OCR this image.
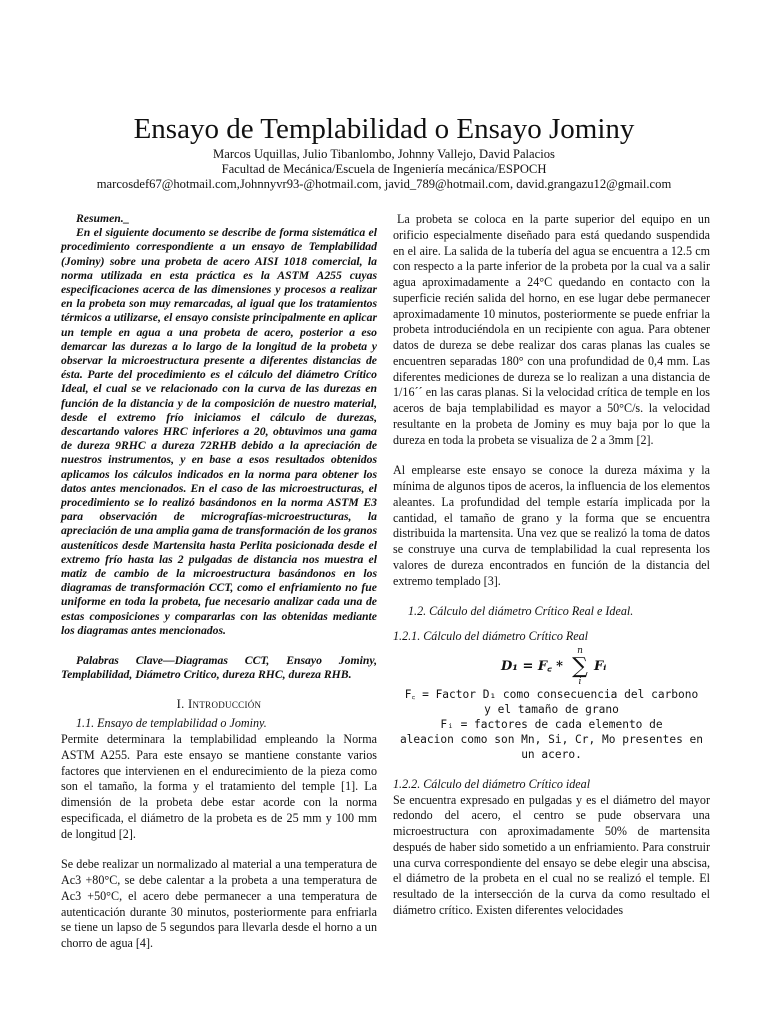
Ensayo de Templabilidad o Ensayo Jominy

Marcos Uquillas, Julio Tibanlombo, Johnny Vallejo, David Palacios

Facultad de Mecánica/Escuela de Ingeniería mecánica/ESPOCH

marcosdef67@hotmail.com,Johnnyvr93-@hotmail.com, javid_789@hotmail.com, david.grangazu12@gmail.com

Resumen._
En el siguiente documento se describe de forma sistemática el procedimiento correspondiente a un ensayo de Templabilidad (Jominy) sobre una probeta de acero AISI 1018 comercial, la norma utilizada en esta práctica es la ASTM A255 cuyas especificaciones acerca de las dimensiones y procesos a realizar en la probeta son muy remarcadas, al igual que los tratamientos térmicos a utilizarse, el ensayo consiste principalmente en aplicar un temple en agua a una probeta de acero, posterior a eso demarcar las durezas a lo largo de la longitud de la probeta y observar la microestructura presente a diferentes distancias de ésta. Parte del procedimiento es el cálculo del diámetro Crítico Ideal, el cual se ve relacionado con la curva de las durezas en función de la distancia y de la composición de nuestro material, desde el extremo frío iniciamos el cálculo de durezas, descartando valores HRC inferiores a 20, obtuvimos una gama de dureza 9RHC a dureza 72RHB debido a la apreciación de nuestros instrumentos, y en base a esos resultados obtenidos aplicamos los cálculos indicados en la norma para obtener los datos antes mencionados. En el caso de las microestructuras, el procedimiento se lo realizó basándonos en la norma ASTM E3 para observación de micrografías-microestructuras, la apreciación de una amplia gama de transformación de los granos austeníticos desde Martensita hasta Perlita posicionada desde el extremo frío hasta las 2 pulgadas de distancia nos muestra el matiz de cambio de la microestructura basándonos en los diagramas de transformación CCT, como el enfriamiento no fue uniforme en toda la probeta, fue necesario analizar cada una de estas composiciones y compararlas con las obtenidas mediante los diagramas antes mencionados.

Palabras Clave—Diagramas CCT, Ensayo Jominy, Templabilidad, Diámetro Critico, dureza RHC, dureza RHB.

I. Introducción

1.1. Ensayo de templabilidad o Jominy.

Permite determinara la templabilidad empleando la Norma ASTM A255. Para este ensayo se mantiene constante varios factores que intervienen en el endurecimiento de la pieza como son el tamaño, la forma y el tratamiento del temple [1]. La dimensión de la probeta debe estar acorde con la norma especificada, el diámetro de la probeta es de 25 mm y 100 mm de longitud [2].

Se debe realizar un normalizado al material a una temperatura de Ac3 +80°C, se debe calentar a la probeta a una temperatura de Ac3 +50°C, el acero debe permanecer a una temperatura de autenticación durante 30 minutos, posteriormente para enfriarla se tiene un lapso de 5 segundos para llevarla desde el horno a un chorro de agua [4].

La probeta se coloca en la parte superior del equipo en un orificio especialmente diseñado para está quedando suspendida en el aire. La salida de la tubería del agua se encuentra a 12.5 cm con respecto a la parte inferior de la probeta por la cual va a salir agua aproximadamente a 24°C quedando en contacto con la superficie recién salida del horno, en ese lugar debe permanecer aproximadamente 10 minutos, posteriormente se puede enfriar la probeta introduciéndola en un recipiente con agua. Para obtener datos de dureza se debe realizar dos caras planas las cuales se encuentren separadas 180° con una profundidad de 0,4 mm. Las diferentes mediciones de dureza se lo realizan a una distancia de 1/16´´ en las caras planas. Si la velocidad crítica de temple en los aceros de baja templabilidad es mayor a 50°C/s. la velocidad resultante en la probeta de Jominy es muy baja por lo que la dureza en toda la probeta se visualiza de 2 a 3mm [2].

Al emplearse este ensayo se conoce la dureza máxima y la mínima de algunos tipos de aceros, la influencia de los elementos aleantes. La profundidad del temple estaría implicada por la cantidad, el tamaño de grano y la forma que se encuentra distribuida la martensita. Una vez que se realizó la toma de datos se construye una curva de templabilidad la cual representa los valores de dureza encontrados en función de la distancia del extremo templado [3].

1.2. Cálculo del diámetro Crítico Real e Ideal.

1.2.1. Cálculo del diámetro Crítico Real

D₁ = F꜀ *
n
∑
i
Fᵢ

F꜀ = Factor D₁ como consecuencia del carbono

y el tamaño de grano

Fᵢ = factores de cada elemento de

aleacion como son Mn, Si, Cr, Mo presentes en un acero.

1.2.2. Cálculo del diámetro Crítico ideal

Se encuentra expresado en pulgadas y es el diámetro del mayor redondo del acero, el centro se pude observara una microestructura con aproximadamente 50% de martensita después de haber sido sometido a un enfriamiento. Para construir una curva correspondiente del ensayo se debe elegir una abscisa, el diámetro de la probeta en el cual no se realizó el temple. El resultado de la intersección de la curva da como resultado el diámetro crítico. Existen diferentes velocidades
